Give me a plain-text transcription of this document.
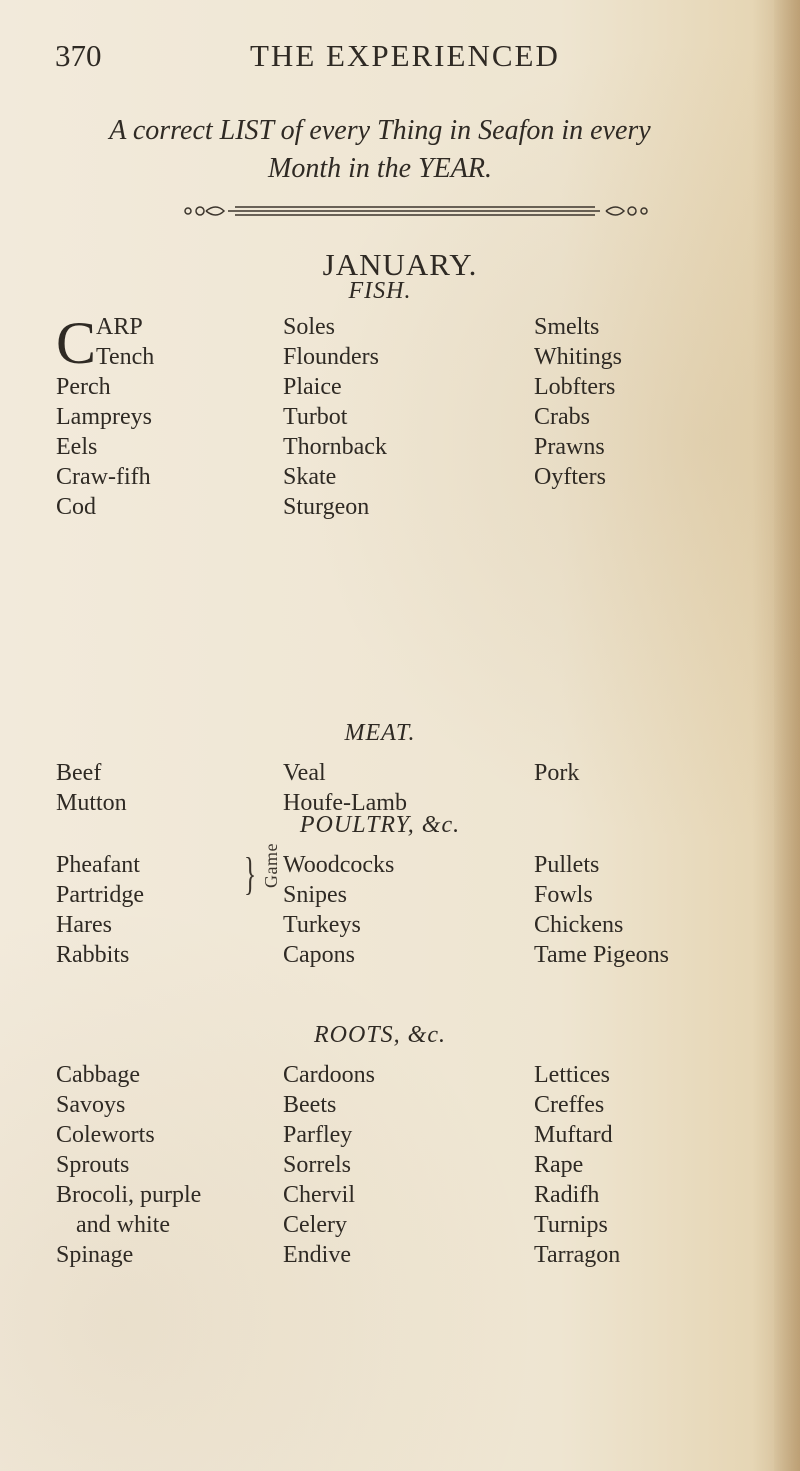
370	THE EXPERIENCED
A correct LIST of every Thing in Seafon in every
Month in the YEAR.
JANUARY.
FISH.
C ARP	Soles	Smelts
Tench	Flounders	Whitings
Perch	Plaice	Lobfters
Lampreys	Turbot	Crabs
Eels	Thornback	Prawns
Craw-fifh	Skate	Oyfters
Cod	Sturgeon
MEAT.
Beef	Veal	Pork
Mutton	Houfe-Lamb
POULTRY, &c.
Pheafant	Woodcocks	Pullets
Partridge	Snipes	Fowls
Hares	Turkeys	Chickens
Rabbits	Capons	Tame Pigeons
} Game
ROOTS, &c.
Cabbage	Cardoons	Lettices
Savoys	Beets	Creffes
Coleworts	Parfley	Muftard
Sprouts	Sorrels	Rape
Brocoli, purple	Chervil	Radifh
and white	Celery	Turnips
Spinage	Endive	Tarragon
